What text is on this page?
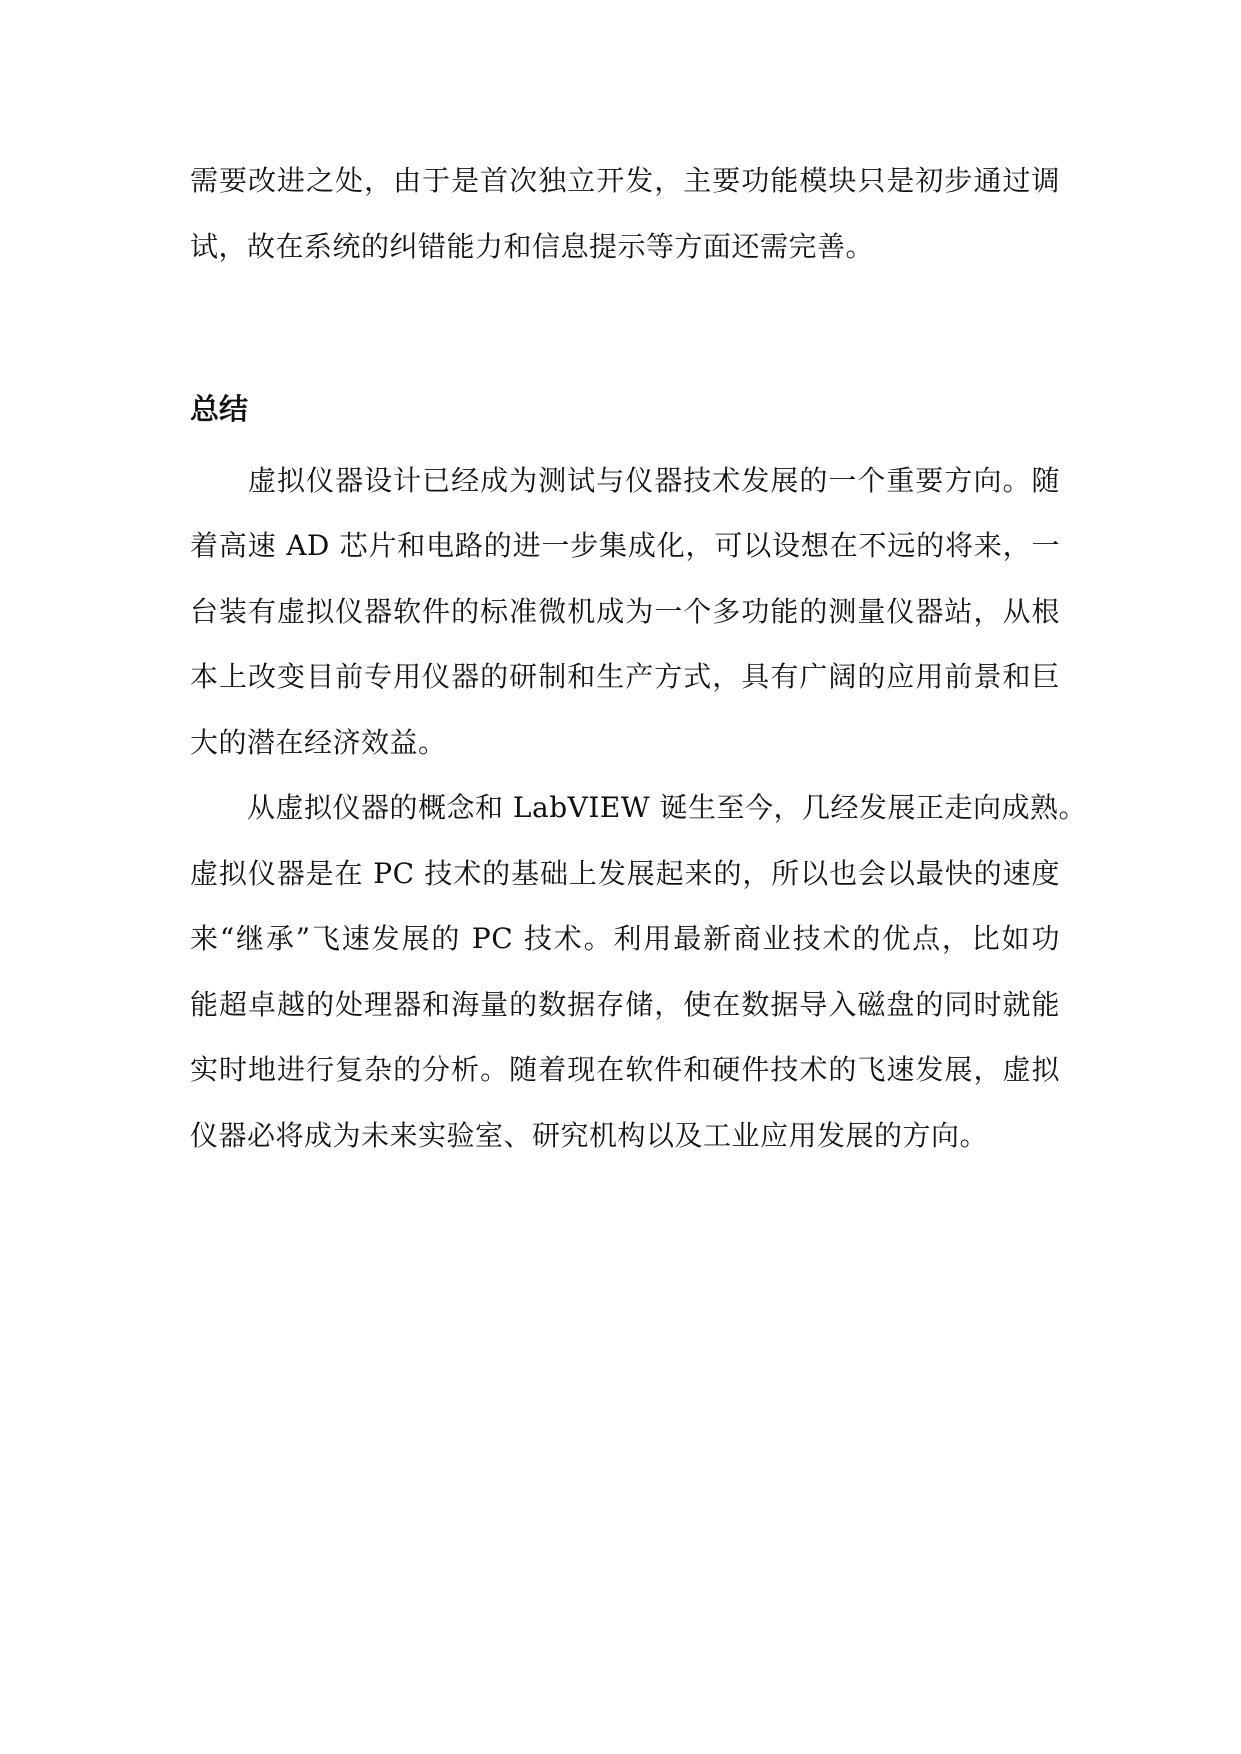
需要改进之处，由于是首次独立开发，主要功能模块只是初步通过调
试，故在系统的纠错能力和信息提示等方面还需完善。
总结
　　虚拟仪器设计已经成为测试与仪器技术发展的一个重要方向。随
着高速 AD 芯片和电路的进一步集成化，可以设想在不远的将来，一
台装有虚拟仪器软件的标准微机成为一个多功能的测量仪器站，从根
本上改变目前专用仪器的研制和生产方式，具有广阔的应用前景和巨
大的潜在经济效益。
　　从虚拟仪器的概念和 LabVIEW 诞生至今，几经发展正走向成熟。
虚拟仪器是在 PC 技术的基础上发展起来的，所以也会以最快的速度
来“继承”飞速发展的 PC 技术。利用最新商业技术的优点，比如功
能超卓越的处理器和海量的数据存储，使在数据导入磁盘的同时就能
实时地进行复杂的分析。随着现在软件和硬件技术的飞速发展，虚拟
仪器必将成为未来实验室、研究机构以及工业应用发展的方向。
